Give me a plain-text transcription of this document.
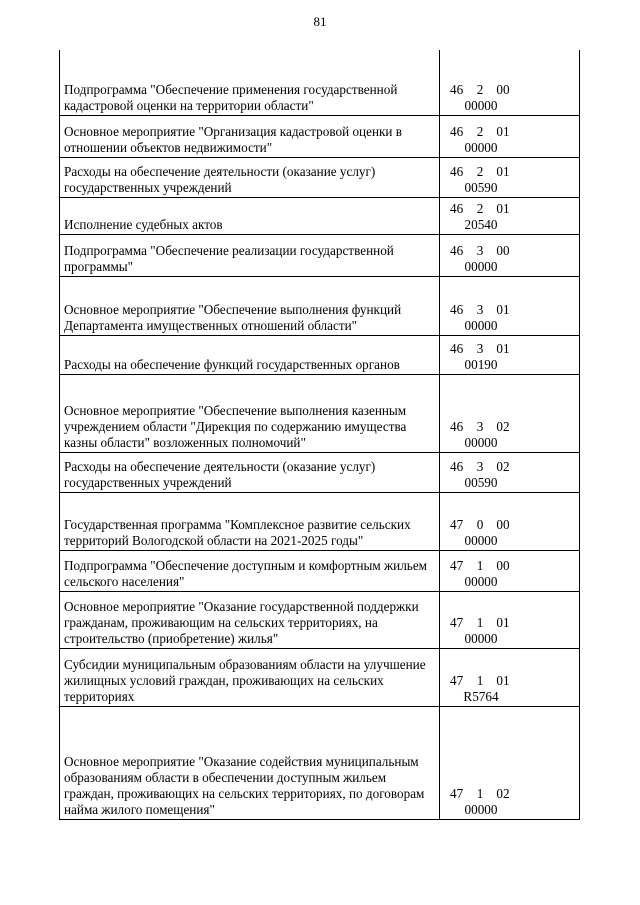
81
Подпрограмма "Обеспечение применения государственной кадастровой оценки на территории области"	46 2 0000000
Основное мероприятие "Организация кадастровой оценки в отношении объектов недвижимости"	46 2 0100000
Расходы на обеспечение деятельности (оказание услуг) государственных учреждений	46 2 0100590
Исполнение судебных актов	46 2 0120540
Подпрограмма "Обеспечение реализации государственной программы"	46 3 0000000
Основное мероприятие "Обеспечение выполнения функций Департамента имущественных отношений области"	46 3 0100000
Расходы на обеспечение функций государственных органов	46 3 0100190
Основное мероприятие "Обеспечение выполнения казенным учреждением области "Дирекция по содержанию имущества казны области" возложенных полномочий"	46 3 0200000
Расходы на обеспечение деятельности (оказание услуг) государственных учреждений	46 3 0200590
Государственная программа "Комплексное развитие сельских территорий Вологодской области на 2021-2025 годы"	47 0 0000000
Подпрограмма "Обеспечение доступным и комфортным жильем сельского населения"	47 1 0000000
Основное мероприятие "Оказание государственной поддержки гражданам, проживающим на сельских территориях, на строительство (приобретение) жилья"	47 1 0100000
Субсидии муниципальным образованиям области на улучшение жилищных условий граждан, проживающих на сельских территориях	47 1 01R5764
Основное мероприятие "Оказание содействия муниципальным образованиям области в обеспечении доступным жильем граждан, проживающих на сельских территориях, по договорам найма жилого помещения"	47 1 0200000
